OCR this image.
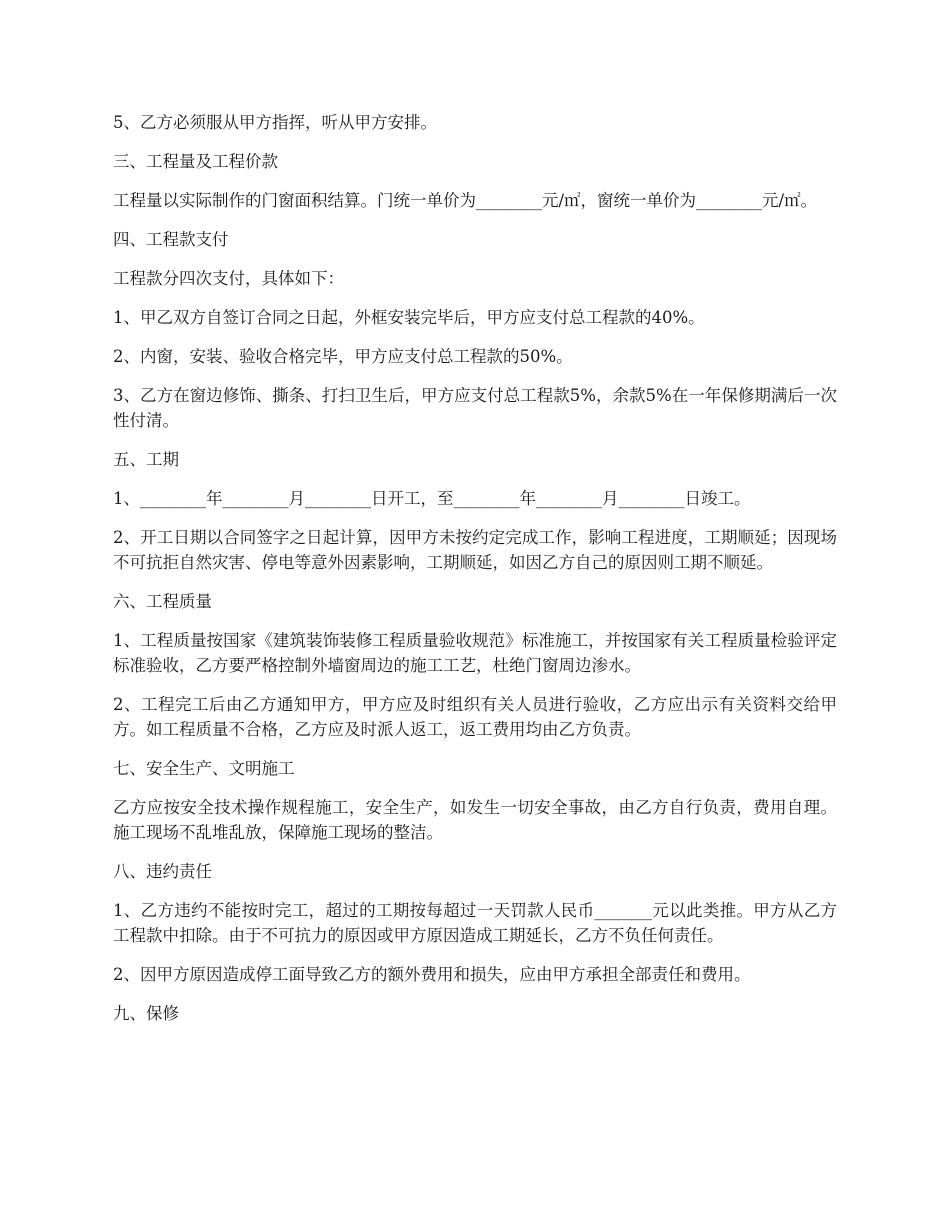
5、乙方必须服从甲方指挥，听从甲方安排。

三、工程量及工程价款

工程量以实际制作的门窗面积结算。门统一单价为________元/㎡，窗统一单价为________元/㎡。

四、工程款支付

工程款分四次支付，具体如下：

1、甲乙双方自签订合同之日起，外框安装完毕后，甲方应支付总工程款的40%。

2、内窗，安装、验收合格完毕，甲方应支付总工程款的50%。

3、乙方在窗边修饰、撕条、打扫卫生后，甲方应支付总工程款5%，余款5%在一年保修期满后一次性付清。

五、工期

1、________年________月________日开工，至________年________月________日竣工。

2、开工日期以合同签字之日起计算，因甲方未按约定完成工作，影响工程进度，工期顺延；因现场不可抗拒自然灾害、停电等意外因素影响，工期顺延，如因乙方自己的原因则工期不顺延。

六、工程质量

1、工程质量按国家《建筑装饰装修工程质量验收规范》标准施工，并按国家有关工程质量检验评定标准验收，乙方要严格控制外墙窗周边的施工工艺，杜绝门窗周边渗水。

2、工程完工后由乙方通知甲方，甲方应及时组织有关人员进行验收，乙方应出示有关资料交给甲方。如工程质量不合格，乙方应及时派人返工，返工费用均由乙方负责。

七、安全生产、文明施工

乙方应按安全技术操作规程施工，安全生产，如发生一切安全事故，由乙方自行负责，费用自理。施工现场不乱堆乱放，保障施工现场的整洁。

八、违约责任

1、乙方违约不能按时完工，超过的工期按每超过一天罚款人民币_______元以此类推。甲方从乙方工程款中扣除。由于不可抗力的原因或甲方原因造成工期延长，乙方不负任何责任。

2、因甲方原因造成停工面导致乙方的额外费用和损失，应由甲方承担全部责任和费用。

九、保修
